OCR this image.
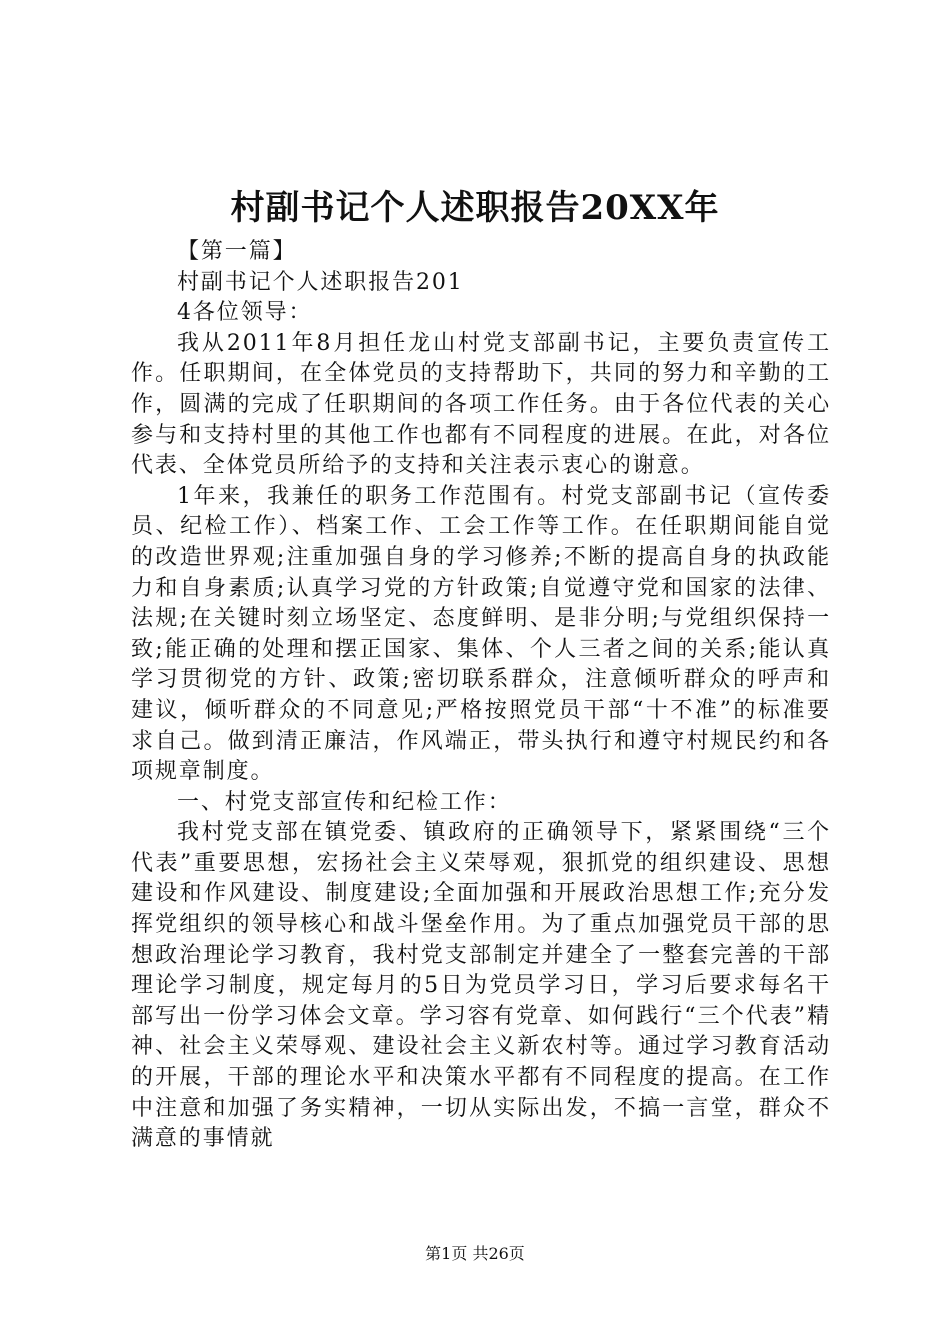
村副书记个人述职报告20XX年

【第一篇】

村副书记个人述职报告201

4各位领导：

我从2011年8月担任龙山村党支部副书记，主要负责宣传工作。任职期间，在全体党员的支持帮助下，共同的努力和辛勤的工作，圆满的完成了任职期间的各项工作任务。由于各位代表的关心参与和支持村里的其他工作也都有不同程度的进展。在此，对各位代表、全体党员所给予的支持和关注表示衷心的谢意。

1年来，我兼任的职务工作范围有。村党支部副书记（宣传委员、纪检工作）、档案工作、工会工作等工作。在任职期间能自觉的改造世界观;注重加强自身的学习修养;不断的提高自身的执政能力和自身素质;认真学习党的方针政策;自觉遵守党和国家的法律、法规;在关键时刻立场坚定、态度鲜明、是非分明;与党组织保持一致;能正确的处理和摆正国家、集体、个人三者之间的关系;能认真学习贯彻党的方针、政策;密切联系群众，注意倾听群众的呼声和建议，倾听群众的不同意见;严格按照党员干部“十不准”的标准要求自己。做到清正廉洁，作风端正，带头执行和遵守村规民约和各项规章制度。

一、村党支部宣传和纪检工作：

我村党支部在镇党委、镇政府的正确领导下，紧紧围绕“三个代表”重要思想，宏扬社会主义荣辱观，狠抓党的组织建设、思想建设和作风建设、制度建设;全面加强和开展政治思想工作;充分发挥党组织的领导核心和战斗堡垒作用。为了重点加强党员干部的思想政治理论学习教育，我村党支部制定并建全了一整套完善的干部理论学习制度，规定每月的5日为党员学习日，学习后要求每名干部写出一份学习体会文章。学习容有党章、如何践行“三个代表”精神、社会主义荣辱观、建设社会主义新农村等。通过学习教育活动的开展，干部的理论水平和决策水平都有不同程度的提高。在工作中注意和加强了务实精神，一切从实际出发，不搞一言堂，群众不满意的事情就

第1页 共26页
